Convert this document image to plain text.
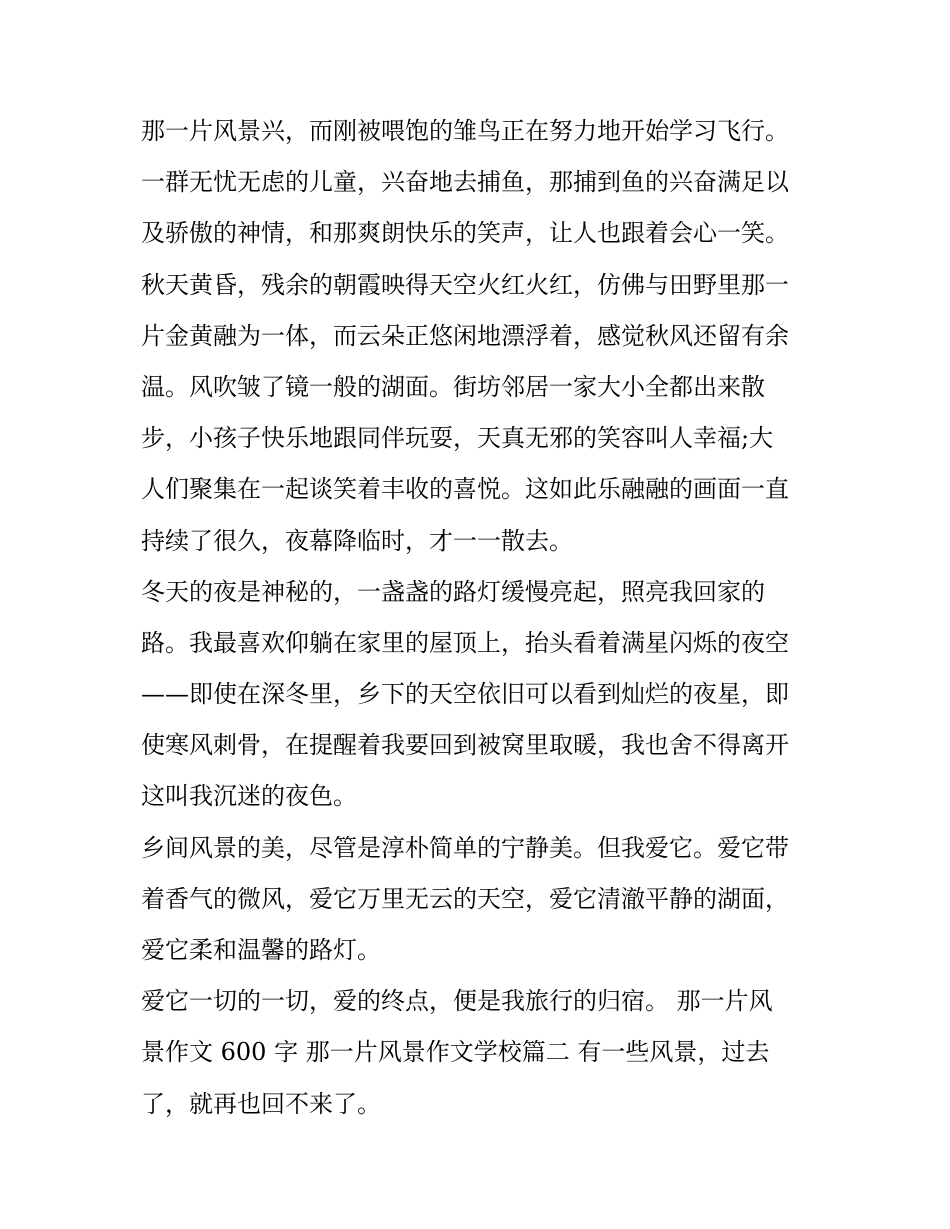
那一片风景兴，而刚被喂饱的雏鸟正在努力地开始学习飞行。
一群无忧无虑的儿童，兴奋地去捕鱼，那捕到鱼的兴奋满足以
及骄傲的神情，和那爽朗快乐的笑声，让人也跟着会心一笑。
秋天黄昏，残余的朝霞映得天空火红火红，仿佛与田野里那一
片金黄融为一体，而云朵正悠闲地漂浮着，感觉秋风还留有余
温。风吹皱了镜一般的湖面。街坊邻居一家大小全都出来散
步，小孩子快乐地跟同伴玩耍，天真无邪的笑容叫人幸福;大
人们聚集在一起谈笑着丰收的喜悦。这如此乐融融的画面一直
持续了很久，夜幕降临时，才一一散去。
冬天的夜是神秘的，一盏盏的路灯缓慢亮起，照亮我回家的
路。我最喜欢仰躺在家里的屋顶上，抬头看着满星闪烁的夜空
——即使在深冬里，乡下的天空依旧可以看到灿烂的夜星，即
使寒风刺骨，在提醒着我要回到被窝里取暖，我也舍不得离开
这叫我沉迷的夜色。
乡间风景的美，尽管是淳朴简单的宁静美。但我爱它。爱它带
着香气的微风，爱它万里无云的天空，爱它清澈平静的湖面，
爱它柔和温馨的路灯。
爱它一切的一切，爱的终点，便是我旅行的归宿。 那一片风
景作文 600 字 那一片风景作文学校篇二 有一些风景，过去
了，就再也回不来了。
